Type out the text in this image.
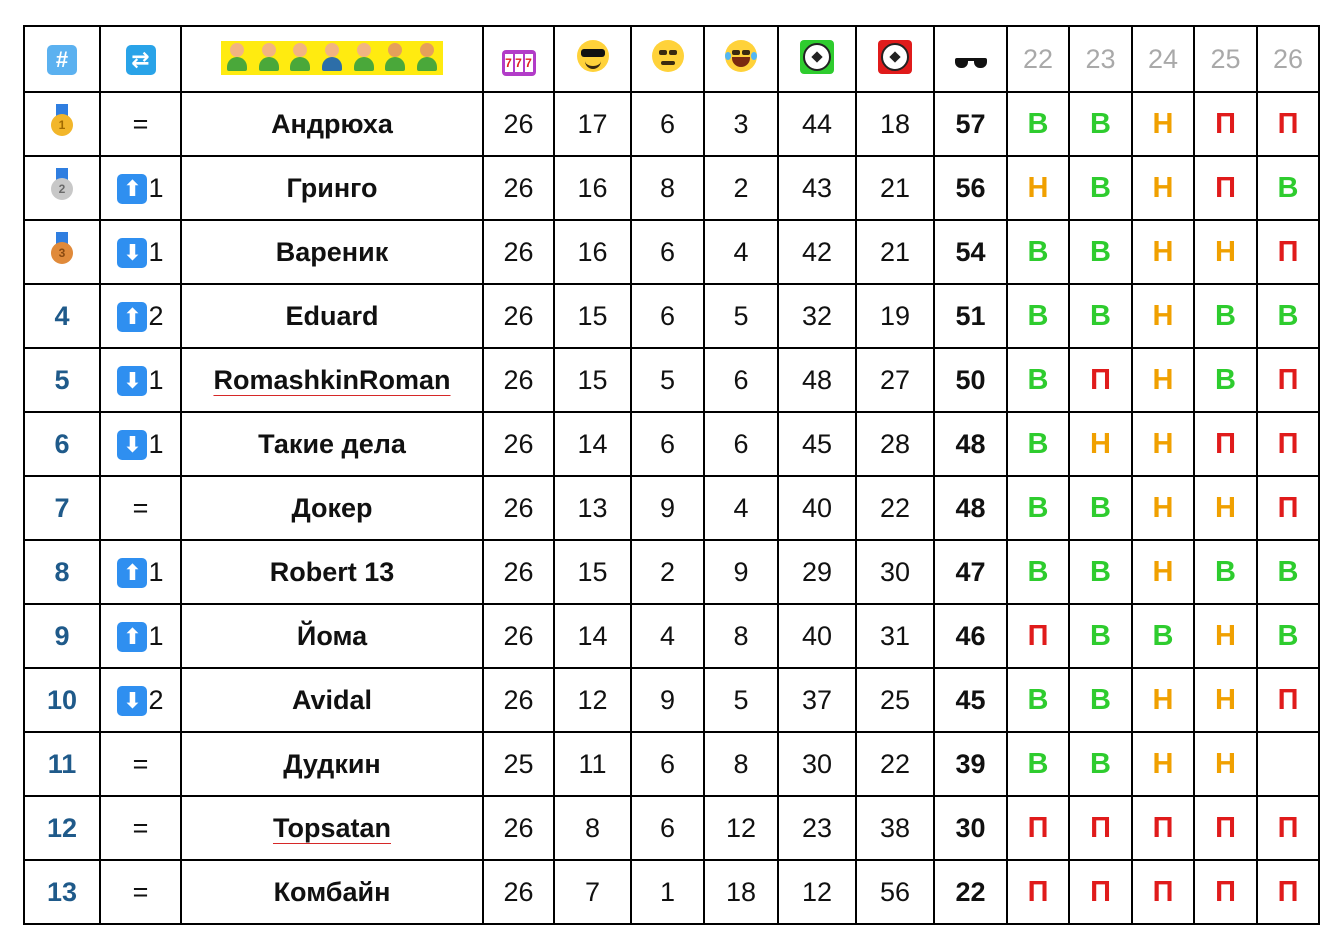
#	⇄		7 7 7							22	23	24	25	26

1	=	Андрюха	26	17	6	3	44	18	57	В	В	Н	П	П

2	⬆ 1	Гринго	26	16	8	2	43	21	56	Н	В	Н	П	В

3	⬇ 1	Вареник	26	16	6	4	42	21	54	В	В	Н	Н	П
4	⬆ 2	Eduard	26	15	6	5	32	19	51	В	В	Н	В	В
5	⬇ 1	RomashkinRoman	26	15	5	6	48	27	50	В	П	Н	В	П
6	⬇ 1	Такие дела	26	14	6	6	45	28	48	В	Н	Н	П	П
7	=	Докер	26	13	9	4	40	22	48	В	В	Н	Н	П
8	⬆ 1	Robert 13	26	15	2	9	29	30	47	В	В	Н	В	В
9	⬆ 1	Йома	26	14	4	8	40	31	46	П	В	В	Н	В
10	⬇ 2	Avidal	26	12	9	5	37	25	45	В	В	Н	Н	П
11	=	Дудкин	25	11	6	8	30	22	39	В	В	Н	Н	
12	=	Topsatan	26	8	6	12	23	38	30	П	П	П	П	П
13	=	Комбайн	26	7	1	18	12	56	22	П	П	П	П	П
